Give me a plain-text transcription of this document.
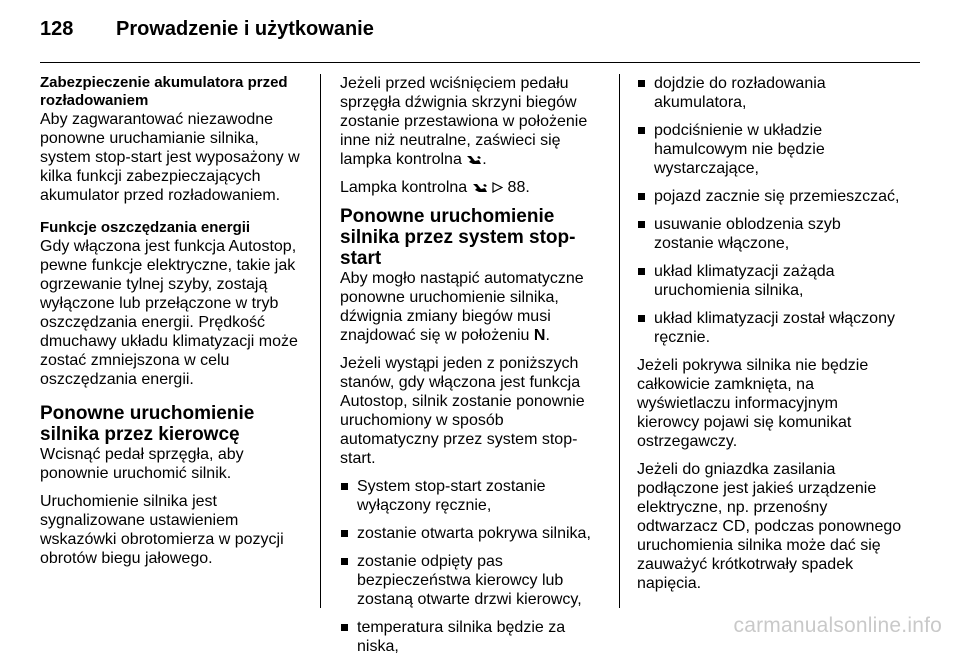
128	Prowadzenie i użytkowanie

Zabezpieczenie akumulatora przed rozładowaniem

Aby zagwarantować niezawodne ponowne uruchamianie silnika, system stop-start jest wyposażony w kilka funkcji zabezpieczających akumulator przed rozładowaniem.

Funkcje oszczędzania energii

Gdy włączona jest funkcja Autostop, pewne funkcje elektryczne, takie jak ogrzewanie tylnej szyby, zostają wyłączone lub przełączone w tryb oszczędzania energii. Prędkość dmuchawy układu klimatyzacji może zostać zmniejszona w celu oszczędzania energii.

Ponowne uruchomienie silnika przez kierowcę

Wcisnąć pedał sprzęgła, aby ponownie uruchomić silnik.

Uruchomienie silnika jest sygnalizowane ustawieniem wskazówki obrotomierza w pozycji obrotów biegu jałowego.

Jeżeli przed wciśnięciem pedału sprzęgła dźwignia skrzyni biegów zostanie przestawiona w położenie inne niż neutralne, zaświeci się lampka kontrolna .

Lampka kontrolna	88.

Ponowne uruchomienie silnika przez system stop-start

Aby mogło nastąpić automatyczne ponowne uruchomienie silnika, dźwignia zmiany biegów musi znajdować się w położeniu N.

Jeżeli wystąpi jeden z poniższych stanów, gdy włączona jest funkcja Autostop, silnik zostanie ponownie uruchomiony w sposób automatyczny przez system stop-start.

System stop-start zostanie wyłączony ręcznie,
zostanie otwarta pokrywa silnika,
zostanie odpięty pas bezpieczeństwa kierowcy lub zostaną otwarte drzwi kierowcy,
temperatura silnika będzie za niska,
dojdzie do rozładowania akumulatora,
podciśnienie w układzie hamulcowym nie będzie wystarczające,
pojazd zacznie się przemieszczać,
usuwanie oblodzenia szyb zostanie włączone,
układ klimatyzacji zażąda uruchomienia silnika,
układ klimatyzacji został włączony ręcznie.

Jeżeli pokrywa silnika nie będzie całkowicie zamknięta, na wyświetlaczu informacyjnym kierowcy pojawi się komunikat ostrzegawczy.

Jeżeli do gniazdka zasilania podłączone jest jakieś urządzenie elektryczne, np. przenośny odtwarzacz CD, podczas ponownego uruchomienia silnika może dać się zauważyć krótkotrwały spadek napięcia.

carmanualsonline.info
